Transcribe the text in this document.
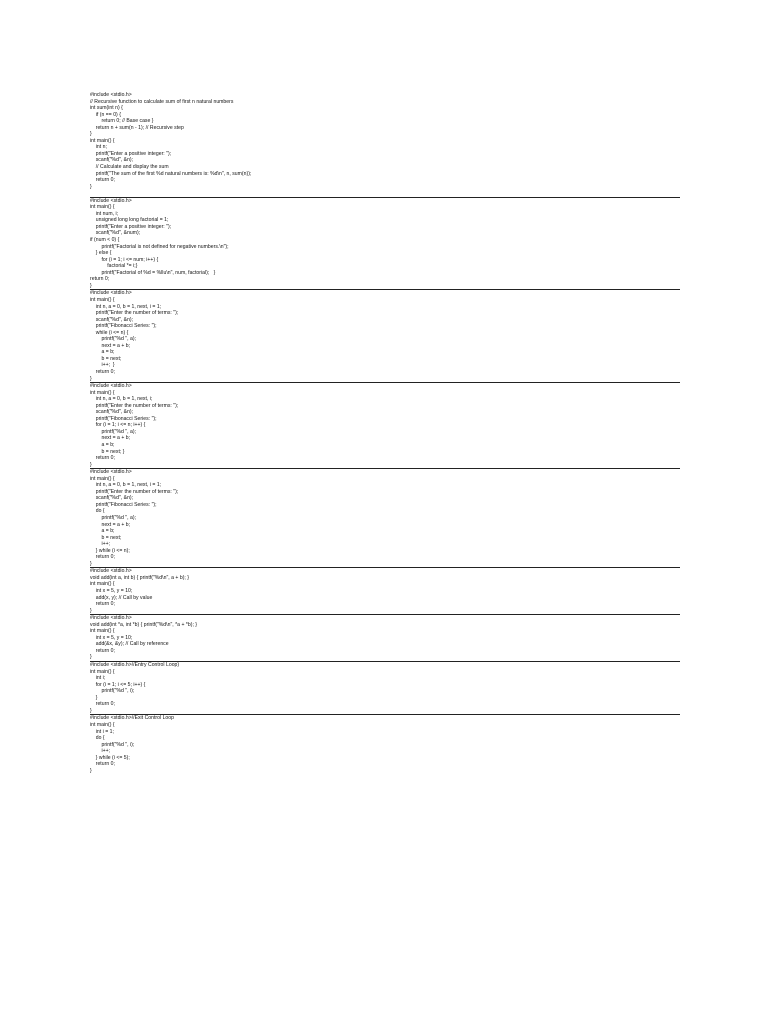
#include <stdio.h>
// Recursive function to calculate sum of first n natural numbers
int sum(int n) {
if (n == 0) {
return 0; // Base case }
return n + sum(n - 1); // Recursive step
}
int main() {
int n;
printf("Enter a positive integer: ");
scanf("%d", &n);
// Calculate and display the sum
printf("The sum of the first %d natural numbers is: %d\n", n, sum(n));
return 0;
}

#include <stdio.h>
int main() {
int num, i;
unsigned long long factorial = 1;
printf("Enter a positive integer: ");
scanf("%d", &num);
if (num < 0) {
printf("Factorial is not defined for negative numbers.\n");
} else {
for (i = 1; i <= num; i++) {
factorial *= i;}
printf("Factorial of %d = %llu\n", num, factorial);   }
return 0;
}
#include <stdio.h>
int main() {
int n, a = 0, b = 1, next, i = 1;
printf("Enter the number of terms: ");
scanf("%d", &n);
printf("Fibonacci Series: ");
while (i <= n) {
printf("%d ", a);
next = a + b;
a = b;
b = next;
i++;  }
return 0;
}
#include <stdio.h>
int main() {
int n, a = 0, b = 1, next, i;
printf("Enter the number of terms: ");
scanf("%d", &n);
printf("Fibonacci Series: ");
for (i = 1; i <= n; i++) {
printf("%d ", a);
next = a + b;
a = b;
b = next; }
return 0;
}
#include <stdio.h>
int main() {
int n, a = 0, b = 1, next, i = 1;
printf("Enter the number of terms: ");
scanf("%d", &n);
printf("Fibonacci Series: ");
do {
printf("%d ", a);
next = a + b;
a = b;
b = next;
i++;
} while (i <= n);
return 0;
}
#include <stdio.h>
void add(int a, int b) { printf("%d\n", a + b); }
int main() {
int x = 5, y = 10;
add(x, y); // Call by value
return 0;
}
#include <stdio.h>
void add(int *a, int *b) { printf("%d\n", *a + *b); }
int main() {
int x = 5, y = 10;
add(&x, &y); // Call by reference
return 0;
}
#include <stdio.h>//Entry Control Loop)
int main() {
int i;
for (i = 1; i <= 5; i++) {
printf("%d ", i);
}
return 0;
}
#include <stdio.h>//Exit Control Loop
int main() {
int i = 1;
do {
printf("%d ", i);
i++;
} while (i <= 5);
return 0;
}
